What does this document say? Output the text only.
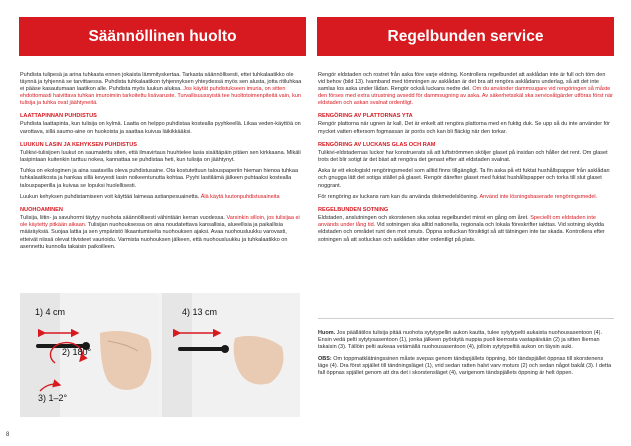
Säännöllinen huolto	Regelbunden service

Puhdista tulipesä ja arina tuhkasta ennen jokaista lämmityskertaa. Tarkasta säännöllisesti, ettei tuhkalaatikko ole täynnä ja tyhjennä se tarvittaessa. Puhdista tuhkalaatikon tyhjennyksen yhteydessä myös sen alusta, jotta ritiluhkaa ei pääse kasautumaan laatikon alle. Puhdista myös luukun aluksa. Jos käytät puhdistukseen imuria, on sitten ehdottomasti haivittava tuhkan imuroimiin tarkoitettu lisävaruste. Turvallisuussyistä tee huoltotoimenpiteitä vain, kun tulisija ja tuhka ovat jäähtyneitä.

LAATTAPINNAN PUHDISTUS

Puhdista laattapinta, kun tulisija on kylmä. Laatta on helppo puhdistaa kostealla pyyhkeellä. Likaa veden-käyttöä on varottava, sillä saumo-aine on huokoista ja saattaa kuivua läikikkääksi.

LUUKUN LASIN JA KEHYKSEN PUHDISTUS

Tulikivi-tulisijoen luukut on saumatettu siten, että ilmavirtaus huuhtelee lasia sisältäpäin pitäen sen kirkkaana. Mikäli lasipintaan kuitenkin tarttuu nokea, kannattaa se puhdistaa heti, kun tulisija on jäähtynyt.

Tuhka on ekologinen ja aina saatavilla oleva puhdistusaine. Ota kostutettuun talouspaperiin hieman hienoa tuhkaa tuhkalaatikosta ja hankaa sillä kevyesti lasin noikeentunutta kohtaa. Pyyhi lasitilämä jälkeen puhtaaksi kostealla talouspaperilla ja kuivaa se lopuksi huolellisesti.

Luukun kehyksen puhdistamiseen voit käyttää laimeaa astianpesuainetta. Älä käytä luutonpuhdistusaineita

NUOHOAMINEN

Tulisija, liitin- ja savuhormi täytyy nuohota säännöllisesti vähintään kerran vuodessa. Varsinkin silloin, jos tulisijaa ei ole käytetty pitkään aikaan. Tulisijan nuohouksessa on aina noudatettava kansallisia, alueellisia ja paikallisia määräyksiä. Suojaa lattia ja sen ympäristö likaantumiselta nuohouksen ajaksi. Avaa nuohousluukku varovasti, etteivät niissä olevat tiivisteet vaurioidu. Varmista nuohouksen jälkeen, että nuohousluukku ja tuhkalaatikko on asennettu kunnolla takaisin paikoilleen.

Rengör eldstaden och rostret från aska före varje eldning. Kontrollera regelbundet att asklådan inte är full och töm den vid behov (bild 13). Ivamband med tömningen av asklådan är det bra att rengöra asklådans underlag, så att det inte samlas los aska under lådan. Rengör också luckans nedre del. Om du använder dammsugare vid rengöringen så måste den förses med extra utrustning avsedd för dammsugning av aska. Av säkerhetsskäl ska serviceåtgärder utföras först när eldstaden och askan svalnat ordentligt.

RENGÖRING AV PLATTORNAS YTA

Rengör plattorna när ugnen är kall. Det är enkelt att rengöra plattorna med en fuktig duk. Se upp så du inte använder för mycket vatten eftersom fogmassan är porös och kan bli fläckig när den torkar.

RENGÖRING AV LUCKANS GLAS OCH RAM

Tulikivi-eldstadernas luckor har konstruerats så att luftströmmen sköljer glaset på insidan och håller det rent. Om glaset trots det blir sotigt är det bäst att rengöra det genast efter att eldstaden svalnat.

Aska är ett ekologiskt rengöringsmedel som alltid finns tillgängligt. Ta fin aska på ett fuktat hushållspapper från asklådan och gnugga lätt det sotiga stället på glaset. Rengör därefter glaset med fuktat hushållspapper och torka till slut glaset noggrant.

För rengöring av luckans ram kan du använda diskmedelslösning. Använd inte lösningsbaserade rengöringsmedel.

REGELBUNDEN SOTNING

Eldstaden, anslutningen och skorstenen ska sotas regelbundet minst en gång om året. Speciellt om eldstaden inte används under lång tid. Vid sotningen ska alltid nationella, regionala och lokala föreskrifter iakttas. Vid sotning skydda eldstaden och området runt den mot smuts. Öppna sotluckan försiktigt så att tätningen inte tar skada. Kontrollera efter sotningen så att sotluckan och asklådan sitter ordentligt på plats.

1) 4 cm
2) 180°
3) 1–2°
4) 13 cm

Huom. Jos päällätilos tulisija pitää nuohota sytytypellin aukon kautta, tulee sytytypelti aukaista nuohousasentoon (4). Ensin vedä pelti sytytysasentoon (1), jonka jälkeen pyöräytä nuppia puoli kierrosta vastapäivään (2) ja sitten lliernan takaisin (3). Tällöin pelti aukeaa vetämällä nuohousasentoon (4), jolloin sytytypeltiä aukon on täysin auki.

OBS: Om toppmatklätningssinen måste svepas genom tändspjällets öppning, bör tändspjället öppnas till skorstenens läge (4). Dra först spjället till tändningsläget (1), vrid sedan ratten halvt varv moturs (2) och sedan något bakåt (3). I detta fall öppnas spjället genom att dra det i skorstensläget (4), varigenom tändspjällets öppning är helt öppen.

8
